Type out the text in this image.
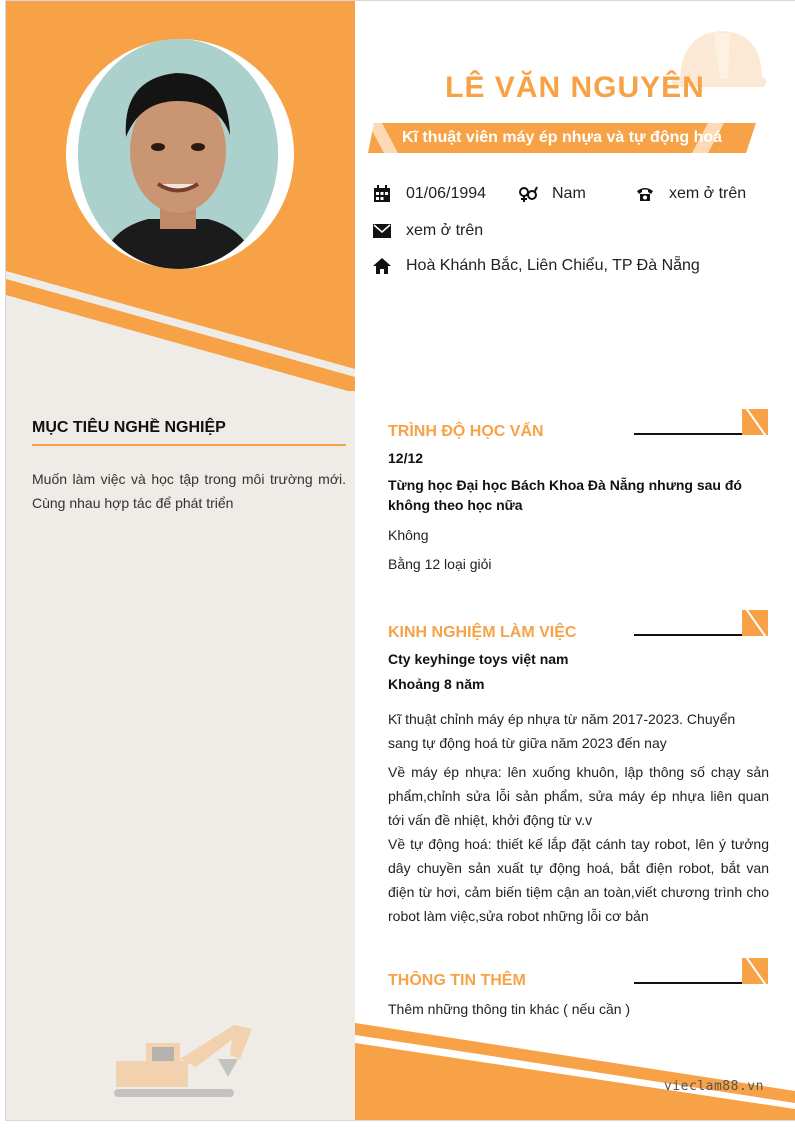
MỤC TIÊU NGHỀ NGHIỆP
Muốn làm việc và học tập trong môi trường mới. Cùng nhau hợp tác để phát triển
LÊ VĂN NGUYÊN
Kĩ thuật viên máy ép nhựa và tự động hoá
01/06/1994	Nam	xem ở trên
xem ở trên
Hoà Khánh Bắc, Liên Chiểu, TP Đà Nẵng
TRÌNH ĐỘ HỌC VẤN
12/12
Từng học Đại học Bách Khoa Đà Nẵng nhưng sau đó không theo học nữa
Không
Bằng 12 loại giỏi
KINH NGHIỆM LÀM VIỆC
Cty keyhinge toys việt nam
Khoảng 8 năm
Kĩ thuật chỉnh máy ép nhựa từ năm 2017-2023. Chuyển sang tự động hoá từ giữa năm 2023 đến nay
Về máy ép nhựa: lên xuống khuôn, lập thông số chạy sản phẩm,chỉnh sửa lỗi sản phẩm, sửa máy ép nhựa liên quan tới vấn đề nhiệt, khởi động từ v.v
Về tự động hoá: thiết kế lắp đặt cánh tay robot, lên ý tưởng dây chuyền sản xuất tự động hoá, bắt điện robot, bắt van điện từ hơi, cảm biến tiệm cận an toàn,viết chương trình cho robot làm việc,sửa robot những lỗi cơ bản
THÔNG TIN THÊM
Thêm những thông tin khác ( nếu cần )
vieclam88.vn
